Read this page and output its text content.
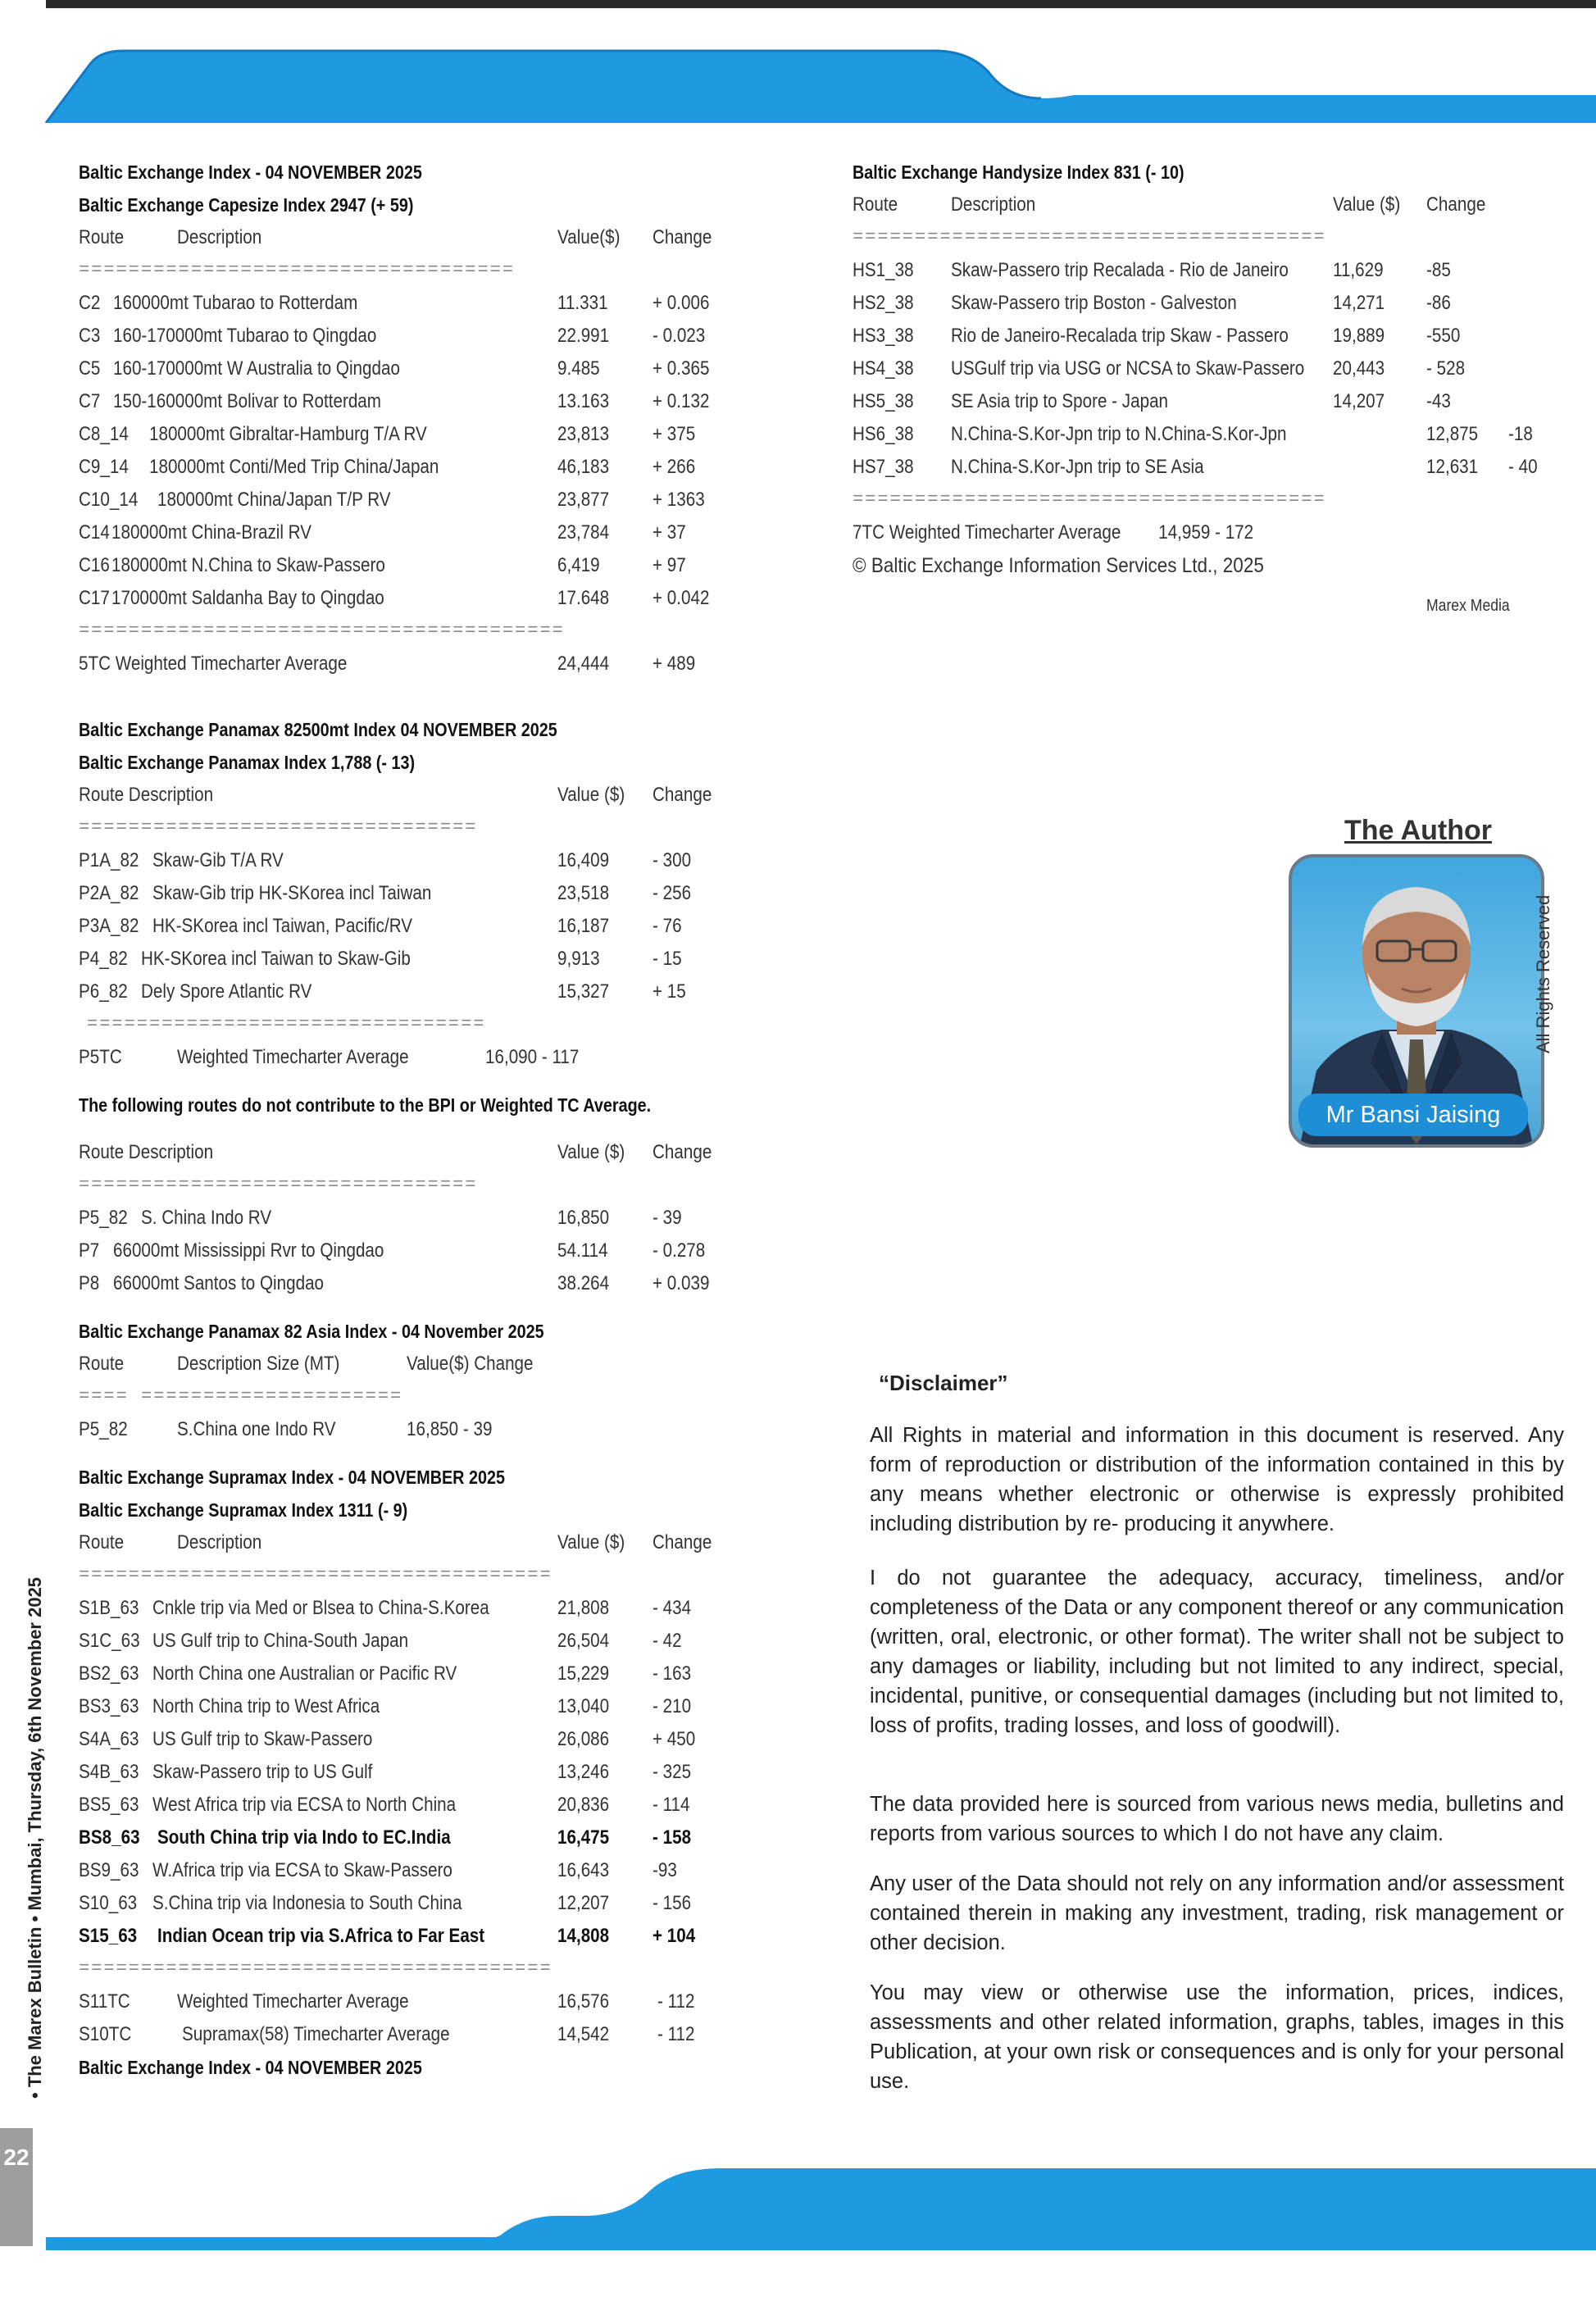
Baltic Exchange Index - 04 NOVEMBER 2025
Baltic Exchange Capesize Index 2947 (+ 59)
Route	Description	Value($) Change
===================================
C2 160000mt Tubarao to Rotterdam	11.331 + 0.006
C3 160-170000mt Tubarao to Qingdao	22.991 - 0.023
C5 160-170000mt W Australia to Qingdao	9.485	+ 0.365
C7 150-160000mt Bolivar to Rotterdam	13.163 + 0.132
C8_14 180000mt Gibraltar-Hamburg T/A RV	23,813 + 375
C9_14 180000mt Conti/Med Trip China/Japan	46,183 + 266
C10_14 180000mt China/Japan T/P RV	23,877 + 1363
C14 180000mt China-Brazil RV	23,784 + 37
C16 180000mt N.China to Skaw-Passero	6,419	+ 97
C17 170000mt Saldanha Bay to Qingdao	17.648 + 0.042
=======================================
5TC Weighted Timecharter Average	24,444 + 489
Baltic Exchange Panamax 82500mt Index 04 NOVEMBER 2025
Baltic Exchange Panamax Index 1,788 (- 13)
Route Description	Value ($) Change
================================
P1A_82 Skaw-Gib T/A RV	16,409 - 300
P2A_82 Skaw-Gib trip HK-SKorea incl Taiwan	23,518 - 256
P3A_82 HK-SKorea incl Taiwan, Pacific/RV	16,187 - 76
P4_82 HK-SKorea incl Taiwan to Skaw-Gib	9,913	- 15
P6_82 Dely Spore Atlantic RV	15,327 + 15
================================
P5TC	Weighted Timecharter Average	16,090 - 117
The following routes do not contribute to the BPI or Weighted TC Average.
Route Description	Value ($) Change
================================
P5_82 S. China Indo RV	16,850 - 39
P7 66000mt Mississippi Rvr to Qingdao	54.114 - 0.278
P8 66000mt Santos to Qingdao	38.264 + 0.039
Baltic Exchange Panamax 82 Asia Index - 04 November 2025
Route	Description Size (MT)	Value($) Change
==== =====================
P5_82	S.China one Indo RV	16,850 - 39
Baltic Exchange Supramax Index - 04 NOVEMBER 2025
Baltic Exchange Supramax Index 1311 (- 9)
Route	Description	Value ($) Change
======================================
S1B_63 Cnkle trip via Med or Blsea to China-S.Korea	21,808 - 434
S1C_63 US Gulf trip to China-South Japan	26,504 - 42
BS2_63 North China one Australian or Pacific RV	15,229 - 163
BS3_63 North China trip to West Africa	13,040 - 210
S4A_63 US Gulf trip to Skaw-Passero	26,086 + 450
S4B_63 Skaw-Passero trip to US Gulf	13,246 - 325
BS5_63 West Africa trip via ECSA to North China	20,836 - 114
BS8_63 South China trip via Indo to EC.India	16,475 - 158
BS9_63 W.Africa trip via ECSA to Skaw-Passero	16,643 -93
S10_63 S.China trip via Indonesia to South China	12,207 - 156
S15_63 Indian Ocean trip via S.Africa to Far East	14,808 + 104
======================================
S11TC Weighted Timecharter Average	16,576 - 112
S10TC	Supramax(58) Timecharter Average	14,542 - 112
Baltic Exchange Index - 04 NOVEMBER 2025
Baltic Exchange Handysize Index 831 (- 10)
Route	Description	Value ($) Change
======================================
HS1_38 Skaw-Passero trip Recalada - Rio de Janeiro 11,629 -85
HS2_38 Skaw-Passero trip Boston - Galveston	14,271 -86
HS3_38 Rio de Janeiro-Recalada trip Skaw - Passero 19,889 -550
HS4_38 USGulf trip via USG or NCSA to Skaw-Passero 20,443 - 528
HS5_38 SE Asia trip to Spore - Japan	14,207 -43
HS6_38 N.China-S.Kor-Jpn trip to N.China-S.Kor-Jpn	12,875 -18
HS7_38 N.China-S.Kor-Jpn trip to SE Asia	12,631 - 40
======================================
7TC Weighted Timecharter Average        14,959 - 172
© Baltic Exchange Information Services Ltd., 2025
Marex Media
The Author
Mr Bansi Jaising
All Rights Reserved
“Disclaimer”
All Rights in material and information in this document is reserved. Any form of reproduction or distribution of the information contained in this by any means whether electronic or otherwise is expressly prohibited including distribution by re- producing it anywhere.
I do not guarantee the adequacy, accuracy, timeliness, and/or completeness of the Data or any component thereof or any communication (written, oral, electronic, or other format). The writer shall not be subject to any damages or liability, including but not limited to any indirect, special, incidental, punitive, or consequential damages (including but not limited to, loss of profits, trading losses, and loss of goodwill).
The data provided here is sourced from various news media, bulletins and reports from various sources to which I do not have any claim.
Any user of the Data should not rely on any information and/or assessment contained therein in making any investment, trading, risk management or other decision.
You may view or otherwise use the information, prices, indices, assessments and other related information, graphs, tables, images in this Publication, at your own risk or consequences and is only for your personal use.
• The Marex Bulletin • Mumbai, Thursday, 6th November 2025
22
